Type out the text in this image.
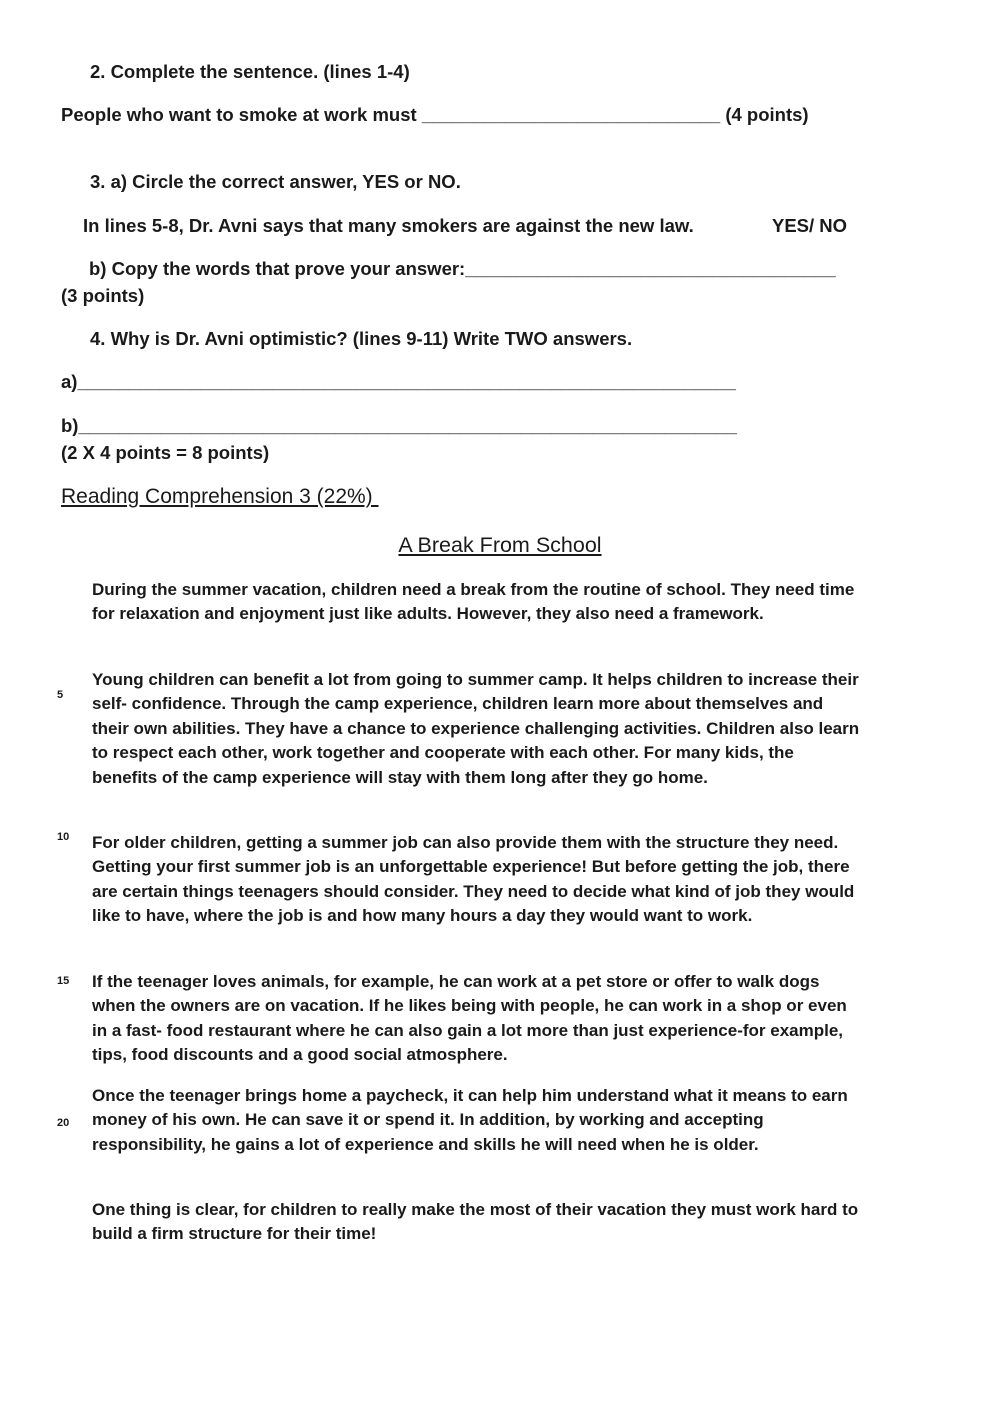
2. Complete the sentence. (lines 1-4)
People who want to smoke at work must _____________________________ (4 points)
3. a) Circle the correct answer, YES or NO.
In lines 5-8, Dr. Avni says that many smokers are against the new law.	YES/ NO
b) Copy the words that prove your answer:____________________________________
(3 points)
4. Why is Dr. Avni optimistic? (lines 9-11) Write TWO answers.
a)________________________________________________________________
b)________________________________________________________________
(2 X 4 points = 8 points)
Reading Comprehension 3 (22%)
A Break From School
5
10
15
20
During the summer vacation, children need a break from the routine of school. They need time for relaxation and enjoyment just like adults. However, they also need a framework.
Young children can benefit a lot from going to summer camp. It helps children to increase their self- confidence. Through the camp experience, children learn more about themselves and their own abilities. They have a chance to experience challenging activities. Children also learn to respect each other, work together and cooperate with each other. For many kids, the benefits of the camp experience will stay with them long after they go home.
For older children, getting a summer job can also provide them with the structure they need. Getting your first summer job is an unforgettable experience! But before getting the job, there are certain things teenagers should consider. They need to decide what kind of job they would like to have, where the job is and how many hours a day they would want to work.
If the teenager loves animals, for example, he can work at a pet store or offer to walk dogs when the owners are on vacation. If he likes being with people, he can work in a shop or even in a fast- food restaurant where he can also gain a lot more than just experience-for example, tips, food discounts and a good social atmosphere.
Once the teenager brings home a paycheck, it can help him understand what it means to earn money of his own. He can save it or spend it. In addition, by working and accepting responsibility, he gains a lot of experience and skills he will need when he is older.
One thing is clear, for children to really make the most of their vacation they must work hard to build a firm structure for their time!
